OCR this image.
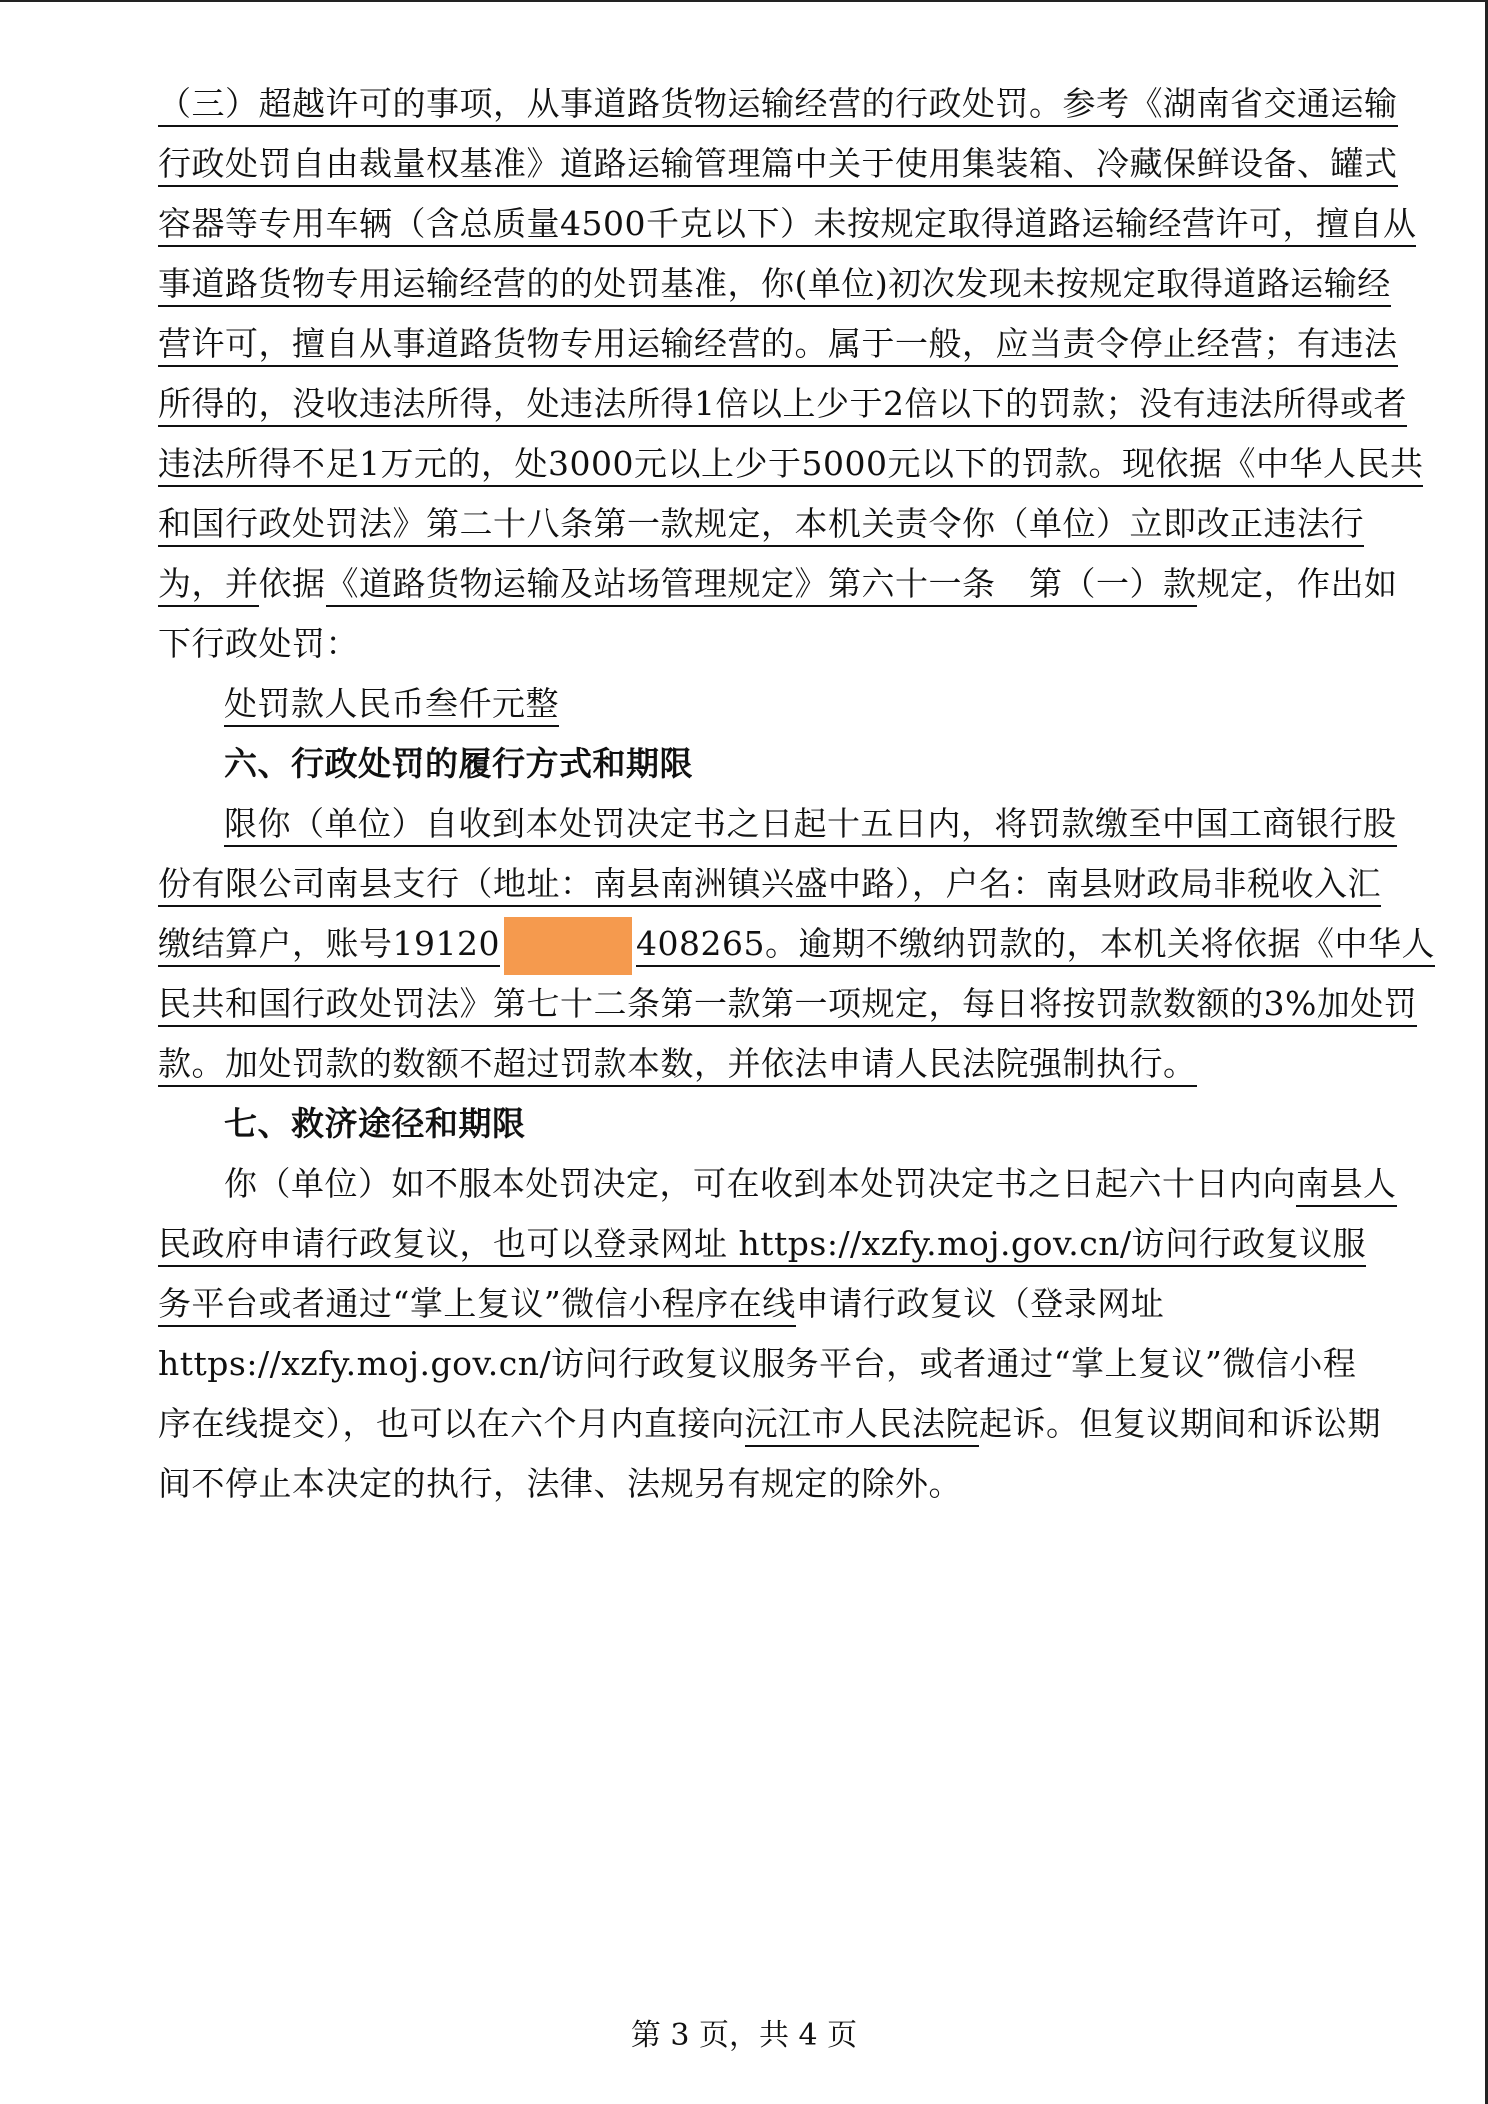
（三）超越许可的事项，从事道路货物运输经营的行政处罚。参考《湖南省交通运输
行政处罚自由裁量权基准》道路运输管理篇中关于使用集装箱、冷藏保鲜设备、罐式
容器等专用车辆（含总质量4500千克以下）未按规定取得道路运输经营许可，擅自从
事道路货物专用运输经营的的处罚基准，你(单位)初次发现未按规定取得道路运输经
营许可，擅自从事道路货物专用运输经营的。属于一般，应当责令停止经营；有违法
所得的，没收违法所得，处违法所得1倍以上少于2倍以下的罚款；没有违法所得或者
违法所得不足1万元的，处3000元以上少于5000元以下的罚款。现依据《中华人民共
和国行政处罚法》第二十八条第一款规定，本机关责令你（单位）立即改正违法行
为，并依据《道路货物运输及站场管理规定》第六十一条　第（一）款规定，作出如
下行政处罚：
处罚款人民币叁仟元整
六、行政处罚的履行方式和期限
限你（单位）自收到本处罚决定书之日起十五日内，将罚款缴至中国工商银行股
份有限公司南县支行（地址：南县南洲镇兴盛中路），户名：南县财政局非税收入汇
缴结算户，账号19120	408265。逾期不缴纳罚款的，本机关将依据《中华人
民共和国行政处罚法》第七十二条第一款第一项规定，每日将按罚款数额的3%加处罚
款。加处罚款的数额不超过罚款本数，并依法申请人民法院强制执行。
七、救济途径和期限
你（单位）如不服本处罚决定，可在收到本处罚决定书之日起六十日内向南县人
民政府申请行政复议，也可以登录网址 https://xzfy.moj.gov.cn/访问行政复议服
务平台或者通过“掌上复议”微信小程序在线申请行政复议（登录网址
https://xzfy.moj.gov.cn/访问行政复议服务平台，或者通过“掌上复议”微信小程
序在线提交），也可以在六个月内直接向沅江市人民法院起诉。但复议期间和诉讼期
间不停止本决定的执行，法律、法规另有规定的除外。
第 3 页，共 4 页
